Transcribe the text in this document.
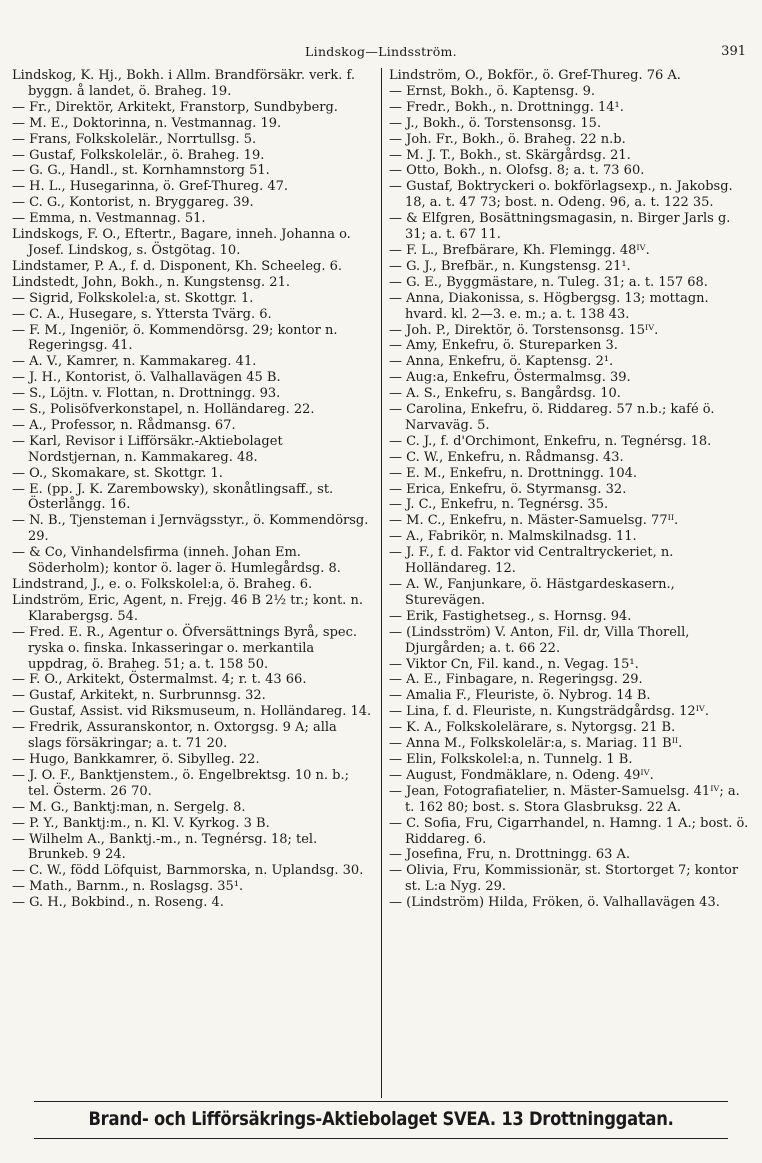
Lindskog—Lindsström.	391
Lindskog, K. Hj., Bokh. i Allm. Brandförsäkr. verk. f. byggn. å landet, ö. Braheg. 19.
— Fr., Direktör, Arkitekt, Franstorp, Sundbyberg.
— M. E., Doktorinna, n. Vestmannag. 19.
— Frans, Folkskolelär., Norrtullsg. 5.
— Gustaf, Folkskolelär., ö. Braheg. 19.
— G. G., Handl., st. Kornhamnstorg 51.
— H. L., Husegarinna, ö. Gref-Thureg. 47.
— C. G., Kontorist, n. Bryggareg. 39.
— Emma, n. Vestmannag. 51.
Lindskogs, F. O., Eftertr., Bagare, inneh. Johanna o. Josef. Lindskog, s. Östgötag. 10.
Lindstamer, P. A., f. d. Disponent, Kh. Scheeleg. 6.
Lindstedt, John, Bokh., n. Kungstensg. 21.
— Sigrid, Folkskolel:a, st. Skottgr. 1.
— C. A., Husegare, s. Yttersta Tvärg. 6.
— F. M., Ingeniör, ö. Kommendörsg. 29; kontor n. Regeringsg. 41.
— A. V., Kamrer, n. Kammakareg. 41.
— J. H., Kontorist, ö. Valhallavägen 45 B.
— S., Löjtn. v. Flottan, n. Drottningg. 93.
— S., Polisöfverkonstapel, n. Holländareg. 22.
— A., Professor, n. Rådmansg. 67.
— Karl, Revisor i Lifförsäkr.-Aktiebolaget Nordstjernan, n. Kammakareg. 48.
— O., Skomakare, st. Skottgr. 1.
— E. (pp. J. K. Zarembowsky), skonåtlingsaff., st. Österlångg. 16.
— N. B., Tjensteman i Jernvägsstyr., ö. Kommendörsg. 29.
— & Co, Vinhandelsfirma (inneh. Johan Em. Söderholm); kontor ö. lager ö. Humlegårdsg. 8.
Lindstrand, J., e. o. Folkskolel:a, ö. Braheg. 6.
Lindström, Eric, Agent, n. Frejg. 46 B 2½ tr.; kont. n. Klarabergsg. 54.
— Fred. E. R., Agentur o. Öfversättnings Byrå, spec. ryska o. finska. Inkasseringar o. merkantila uppdrag, ö. Braheg. 51; a. t. 158 50.
— F. O., Arkitekt, Östermalmst. 4; r. t. 43 66.
— Gustaf, Arkitekt, n. Surbrunnsg. 32.
— Gustaf, Assist. vid Riksmuseum, n. Holländareg. 14.
— Fredrik, Assuranskontor, n. Oxtorgsg. 9 A; alla slags försäkringar; a. t. 71 20.
— Hugo, Bankkamrer, ö. Sibylleg. 22.
— J. O. F., Banktjenstem., ö. Engelbrektsg. 10 n. b.; tel. Österm. 26 70.
— M. G., Banktj:man, n. Sergelg. 8.
— P. Y., Banktj:m., n. Kl. V. Kyrkog. 3 B.
— Wilhelm A., Banktj.-m., n. Tegnérsg. 18; tel. Brunkeb. 9 24.
— C. W., född Löfquist, Barnmorska, n. Uplandsg. 30.
— Math., Barnm., n. Roslagsg. 35¹.
— G. H., Bokbind., n. Roseng. 4.
Lindström, O., Bokför., ö. Gref-Thureg. 76 A.
— Ernst, Bokh., ö. Kaptensg. 9.
— Fredr., Bokh., n. Drottningg. 14¹.
— J., Bokh., ö. Torstensonsg. 15.
— Joh. Fr., Bokh., ö. Braheg. 22 n.b.
— M. J. T., Bokh., st. Skärgårdsg. 21.
— Otto, Bokh., n. Olofsg. 8; a. t. 73 60.
— Gustaf, Boktryckeri o. bokförlagsexp., n. Jakobsg. 18, a. t. 47 73; bost. n. Odeng. 96, a. t. 122 35.
— & Elfgren, Bosättningsmagasin, n. Birger Jarls g. 31; a. t. 67 11.
— F. L., Brefbärare, Kh. Flemingg. 48ᴵⱽ.
— G. J., Brefbär., n. Kungstensg. 21¹.
— G. E., Byggmästare, n. Tuleg. 31; a. t. 157 68.
— Anna, Diakonissa, s. Högbergsg. 13; mottagn. hvard. kl. 2—3. e. m.; a. t. 138 43.
— Joh. P., Direktör, ö. Torstensonsg. 15ᴵⱽ.
— Amy, Enkefru, ö. Stureparken 3.
— Anna, Enkefru, ö. Kaptensg. 2¹.
— Aug:a, Enkefru, Östermalmsg. 39.
— A. S., Enkefru, s. Bangårdsg. 10.
— Carolina, Enkefru, ö. Riddareg. 57 n.b.; kafé ö. Narvaväg. 5.
— C. J., f. d'Orchimont, Enkefru, n. Tegnérsg. 18.
— C. W., Enkefru, n. Rådmansg. 43.
— E. M., Enkefru, n. Drottningg. 104.
— Erica, Enkefru, ö. Styrmansg. 32.
— J. C., Enkefru, n. Tegnérsg. 35.
— M. C., Enkefru, n. Mäster-Samuelsg. 77ᴵᴵ.
— A., Fabrikör, n. Malmskilnadsg. 11.
— J. F., f. d. Faktor vid Centraltryckeriet, n. Holländareg. 12.
— A. W., Fanjunkare, ö. Hästgardeskasern., Sturevägen.
— Erik, Fastighetseg., s. Hornsg. 94.
— (Lindsström) V. Anton, Fil. dr, Villa Thorell, Djurgården; a. t. 66 22.
— Viktor Cn, Fil. kand., n. Vegag. 15¹.
— A. E., Finbagare, n. Regeringsg. 29.
— Amalia F., Fleuriste, ö. Nybrog. 14 B.
— Lina, f. d. Fleuriste, n. Kungsträdgårdsg. 12ᴵⱽ.
— K. A., Folkskolelärare, s. Nytorgsg. 21 B.
— Anna M., Folkskolelär:a, s. Mariag. 11 Bᴵᴵ.
— Elin, Folkskolel:a, n. Tunnelg. 1 B.
— August, Fondmäklare, n. Odeng. 49ᴵⱽ.
— Jean, Fotografiatelier, n. Mäster-Samuelsg. 41ᴵⱽ; a. t. 162 80; bost. s. Stora Glasbruksg. 22 A.
— C. Sofia, Fru, Cigarrhandel, n. Hamng. 1 A.; bost. ö. Riddareg. 6.
— Josefina, Fru, n. Drottningg. 63 A.
— Olivia, Fru, Kommissionär, st. Stortorget 7; kontor st. L:a Nyg. 29.
— (Lindström) Hilda, Fröken, ö. Valhallavägen 43.
Brand- och Lifförsäkrings-Aktiebolaget SVEA. 13 Drottninggatan.
